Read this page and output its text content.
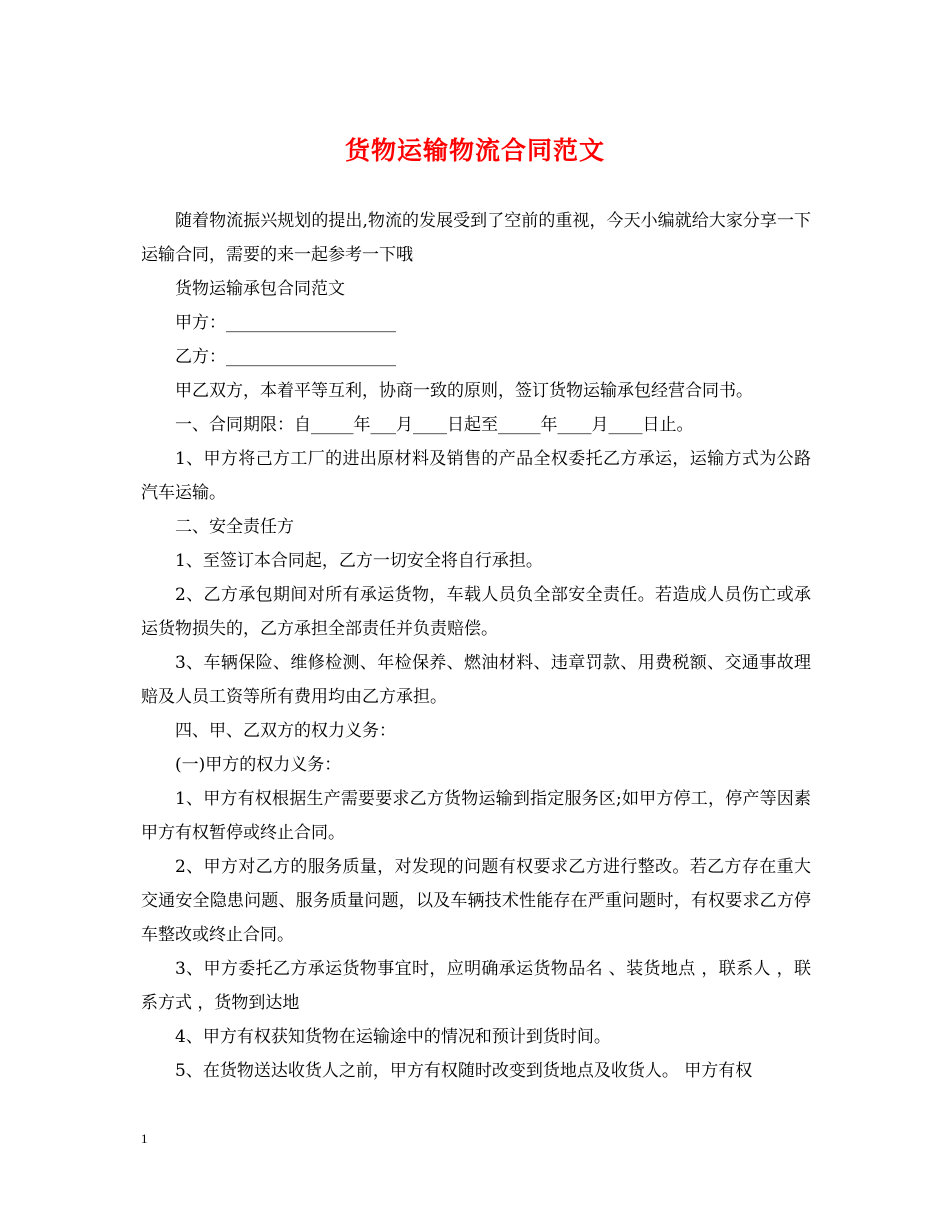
货物运输物流合同范文

随着物流振兴规划的提出,物流的发展受到了空前的重视，今天小编就给大家分享一下运输合同，需要的来一起参考一下哦

货物运输承包合同范文

甲方：____________________

乙方：____________________

甲乙双方，本着平等互利，协商一致的原则，签订货物运输承包经营合同书。

一、合同期限：自_____年___月____日起至_____年____月____日止。

1、甲方将己方工厂的进出原材料及销售的产品全权委托乙方承运，运输方式为公路汽车运输。

二、安全责任方

1、至签订本合同起，乙方一切安全将自行承担。

2、乙方承包期间对所有承运货物，车载人员负全部安全责任。若造成人员伤亡或承运货物损失的，乙方承担全部责任并负责赔偿。

3、车辆保险、维修检测、年检保养、燃油材料、违章罚款、用费税额、交通事故理赔及人员工资等所有费用均由乙方承担。

四、甲、乙双方的权力义务：

(一)甲方的权力义务：

1、甲方有权根据生产需要要求乙方货物运输到指定服务区;如甲方停工，停产等因素甲方有权暂停或终止合同。

2、甲方对乙方的服务质量，对发现的问题有权要求乙方进行整改。若乙方存在重大交通安全隐患问题、服务质量问题，以及车辆技术性能存在严重问题时，有权要求乙方停车整改或终止合同。

3、甲方委托乙方承运货物事宜时，应明确承运货物品名 、装货地点 ，联系人 ，联系方式 ，货物到达地

4、甲方有权获知货物在运输途中的情况和预计到货时间。

5、在货物送达收货人之前，甲方有权随时改变到货地点及收货人。 甲方有权

1
